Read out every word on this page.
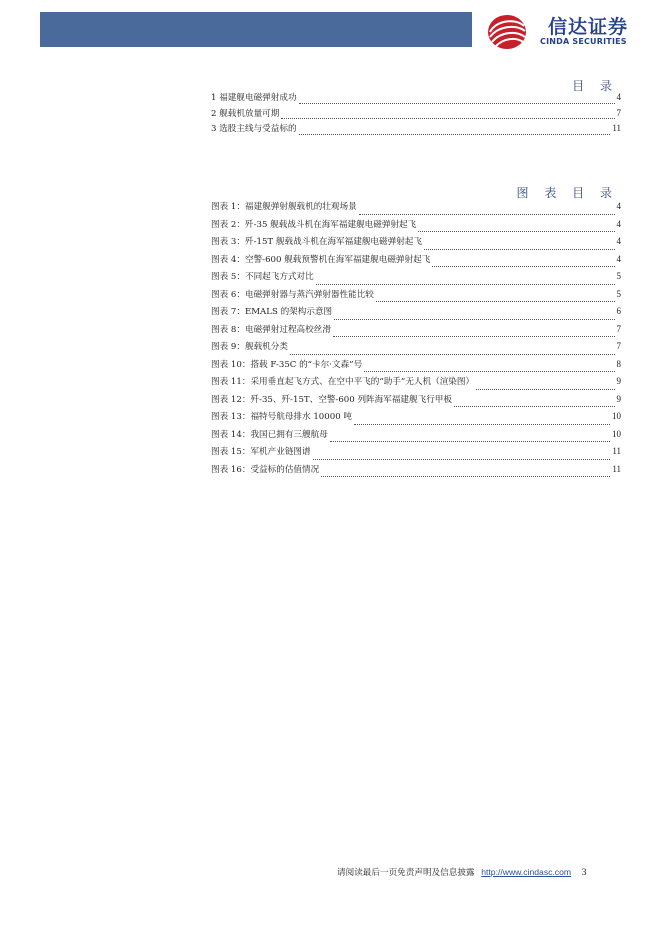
信达证券
CINDA SECURITIES
目 录
1 福建舰电磁弹射成功	4
2 舰载机放量可期	7
3 选股主线与受益标的	11
图 表 目 录
图表 1：福建舰弹射舰载机的壮观场景	4
图表 2：歼-35 舰载战斗机在海军福建舰电磁弹射起飞	4
图表 3：歼-15T 舰载战斗机在海军福建舰电磁弹射起飞	4
图表 4：空警-600 舰载预警机在海军福建舰电磁弹射起飞	4
图表 5：不同起飞方式对比	5
图表 6：电磁弹射器与蒸汽弹射器性能比较	5
图表 7：EMALS 的架构示意图	6
图表 8：电磁弹射过程高校丝滑	7
图表 9：舰载机分类	7
图表 10：搭载 F-35C 的“卡尔·文森”号	8
图表 11：采用垂直起飞方式、在空中平飞的“助手”无人机（渲染图）	9
图表 12：歼-35、歼-15T、空警-600 列阵海军福建舰飞行甲板	9
图表 13：福特号航母排水 10000 吨	10
图表 14：我国已拥有三艘航母	10
图表 15：军机产业链图谱	11
图表 16：受益标的估值情况	11
请阅读最后一页免责声明及信息披露 http://www.cindasc.com 3
